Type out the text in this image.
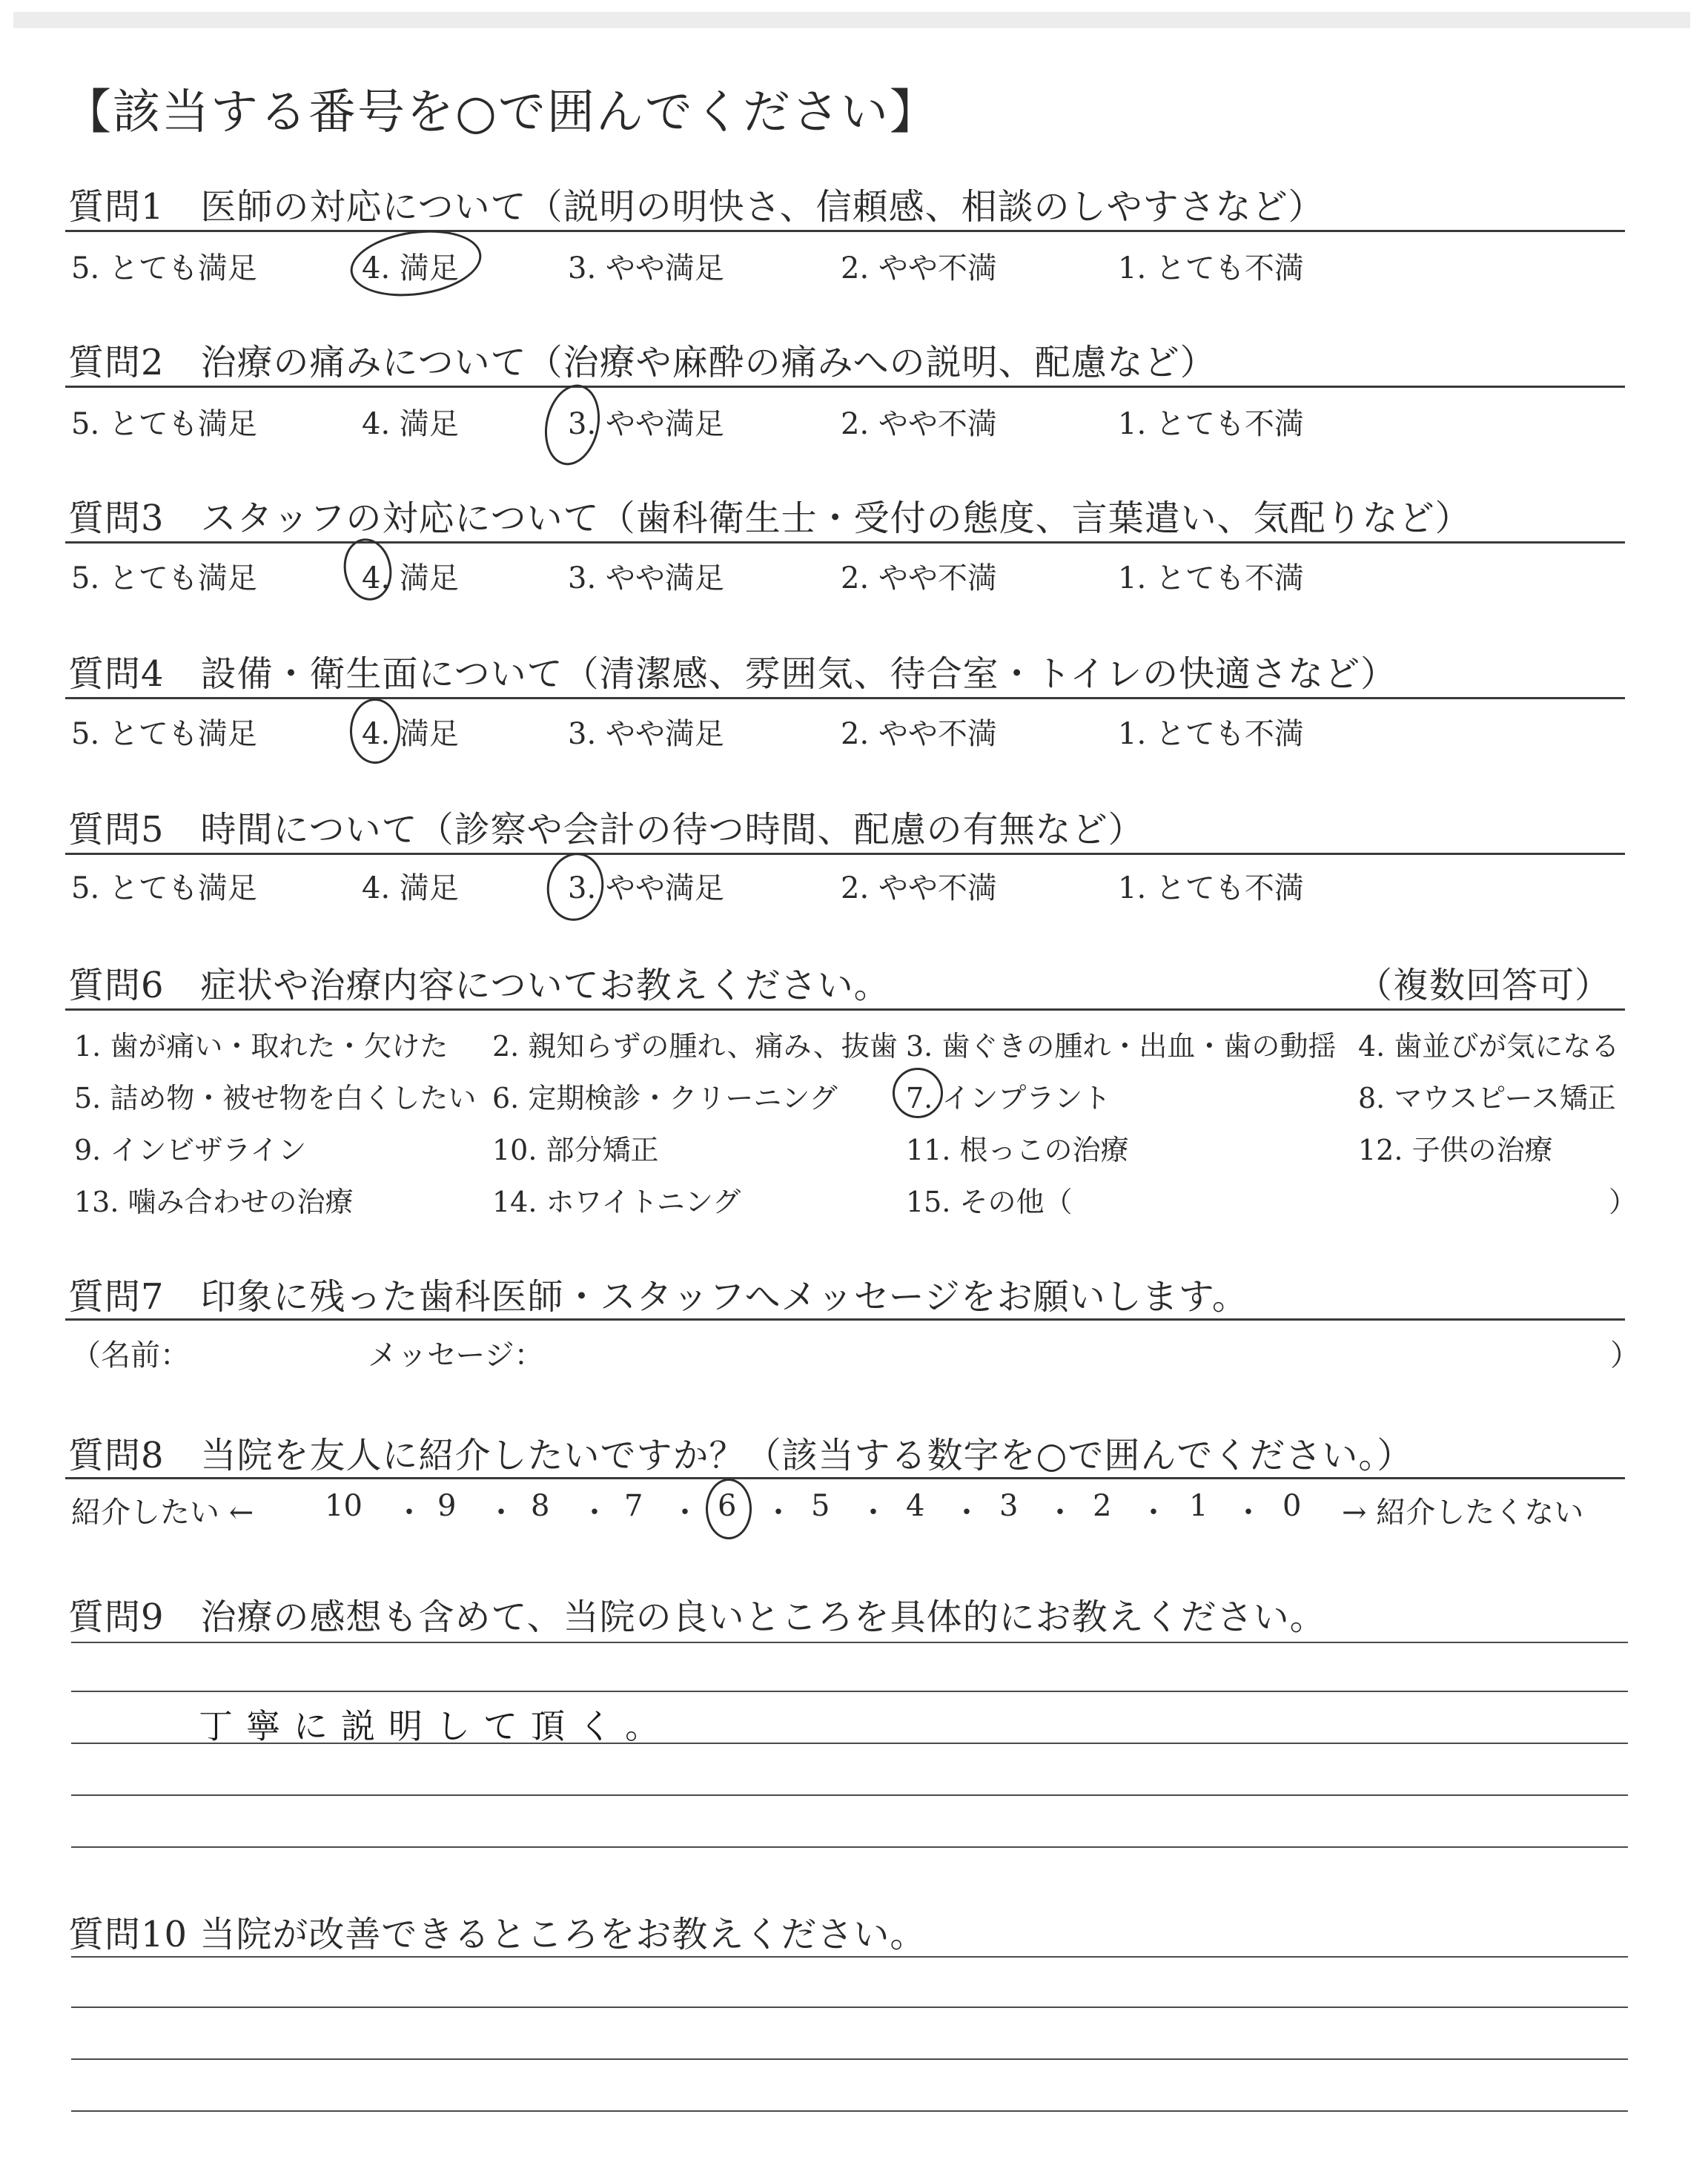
【該当する番号を○で囲んでください】
質問1　医師の対応について（説明の明快さ、信頼感、相談のしやすさなど）
5. とても満足	4. 満足	3. やや満足	2. やや不満	1. とても不満
質問2　治療の痛みについて（治療や麻酔の痛みへの説明、配慮など）
5. とても満足	4. 満足	3. やや満足	2. やや不満	1. とても不満
質問3　スタッフの対応について（歯科衛生士・受付の態度、言葉遣い、気配りなど）
5. とても満足	4. 満足	3. やや満足	2. やや不満	1. とても不満
質問4　設備・衛生面について（清潔感、雰囲気、待合室・トイレの快適さなど）
5. とても満足	4. 満足	3. やや満足	2. やや不満	1. とても不満
質問5　時間について（診察や会計の待つ時間、配慮の有無など）
5. とても満足	4. 満足	3. やや満足	2. やや不満	1. とても不満
質問6　症状や治療内容についてお教えください。	（複数回答可）
1. 歯が痛い・取れた・欠けた 2. 親知らずの腫れ、痛み、抜歯 3. 歯ぐきの腫れ・出血・歯の動揺 4. 歯並びが気になる
5. 詰め物・被せ物を白くしたい 6. 定期検診・クリーニング 7. インプラント	8. マウスピース矯正
9. インビザライン	10. 部分矯正	11. 根っこの治療	12. 子供の治療
13. 噛み合わせの治療	14. ホワイトニング	15. その他（	）
質問7　印象に残った歯科医師・スタッフへメッセージをお願いします。
（名前：	メッセージ：	）
質問8　当院を友人に紹介したいですか？（該当する数字を○で囲んでください。）
紹介したい ←	→ 紹介したくない
10 ・ 9 ・ 8 ・ 7 ・ 6 ・ 5 ・ 4 ・ 3 ・ 2 ・ 1 ・ 0
質問9　治療の感想も含めて、当院の良いところを具体的にお教えください。
丁寧に説明して頂く。
質問10 当院が改善できるところをお教えください。
